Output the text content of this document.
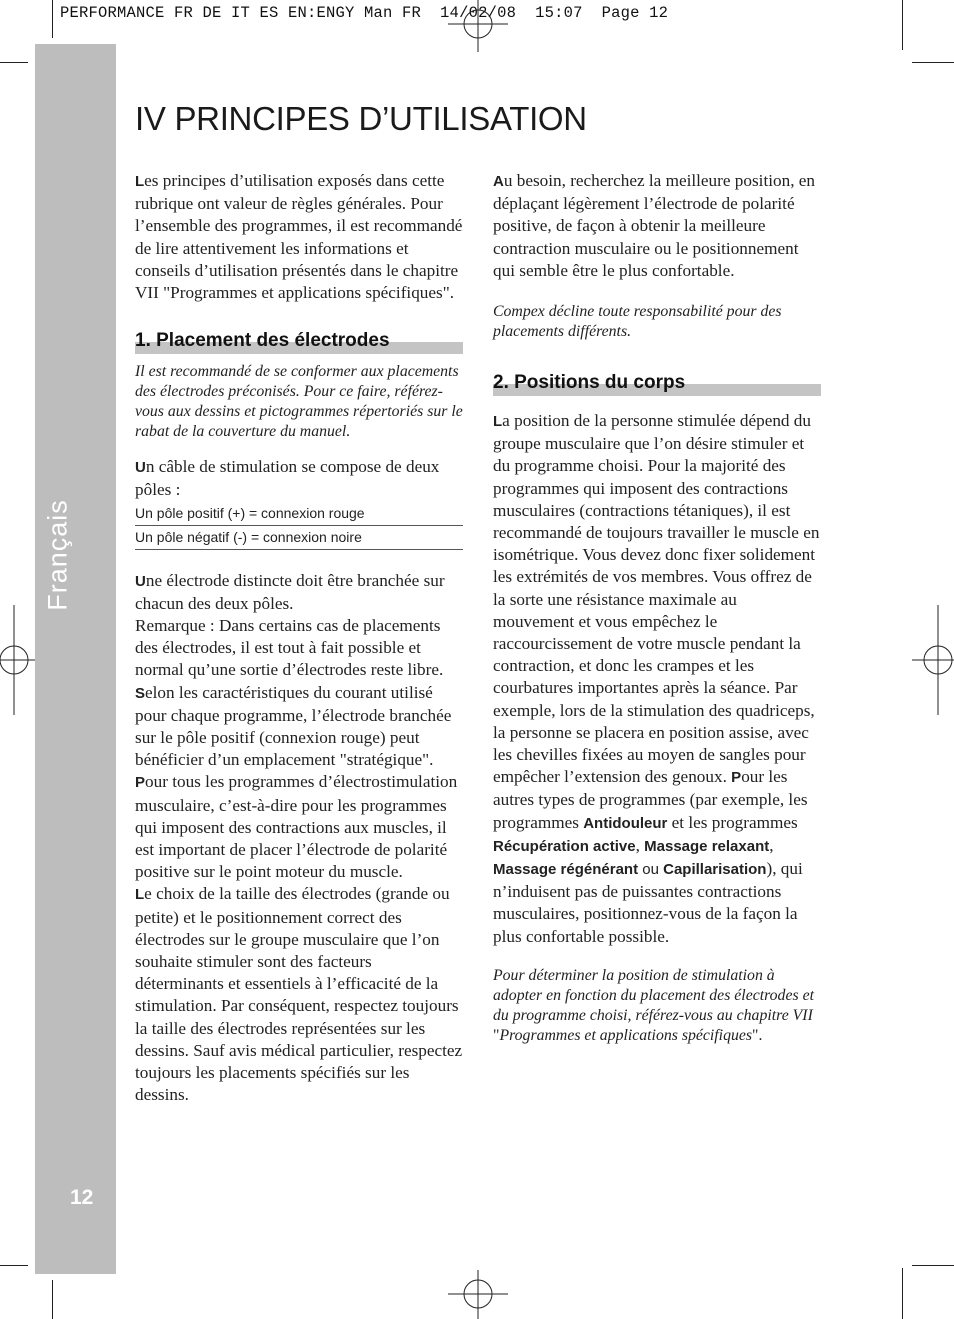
PERFORMANCE FR DE IT ES EN:ENGY Man FR  14/02/08  15:07  Page 12
Français
12
IV PRINCIPES D’UTILISATION

Les principes d’utilisation exposés dans cette rubrique ont valeur de règles générales. Pour l’ensemble des programmes, il est recommandé de lire attentivement les informations et conseils d’utilisation présentés dans le chapitre VII "Programmes et applications spécifiques".

1. Placement des électrodes

Il est recommandé de se conformer aux placements des électrodes préconisés. Pour ce faire, référez-vous aux dessins et pictogrammes répertoriés sur le rabat de la couverture du manuel.

Un câble de stimulation se compose de deux pôles :

Un pôle positif (+) = connexion rouge
Un pôle négatif (-) = connexion noire

Une électrode distincte doit être branchée sur chacun des deux pôles.

Remarque : Dans certains cas de placements des électrodes, il est tout à fait possible et normal qu’une sortie d’électrodes reste libre.

Selon les caractéristiques du courant utilisé pour chaque programme, l’électrode branchée sur le pôle positif (connexion rouge) peut bénéficier d’un emplacement "stratégique".

Pour tous les programmes d’électrostimulation musculaire, c’est-à-dire pour les programmes qui imposent des contractions aux muscles, il est important de placer l’électrode de polarité positive sur le point moteur du muscle.

Le choix de la taille des électrodes (grande ou petite) et le positionnement correct des électrodes sur le groupe musculaire que l’on souhaite stimuler sont des facteurs déterminants et essentiels à l’efficacité de la stimulation. Par conséquent, respectez toujours la taille des électrodes représentées sur les dessins. Sauf avis médical particulier, respectez toujours les placements spécifiés sur les dessins.

Au besoin, recherchez la meilleure position, en déplaçant légèrement l’électrode de polarité positive, de façon à obtenir la meilleure contraction musculaire ou le positionnement qui semble être le plus confortable.

Compex décline toute responsabilité pour des placements différents.

2. Positions du corps

La position de la personne stimulée dépend du groupe musculaire que l’on désire stimuler et du programme choisi. Pour la majorité des programmes qui imposent des contractions musculaires (contractions tétaniques), il est recommandé de toujours travailler le muscle en isométrique. Vous devez donc fixer solidement les extrémités de vos membres. Vous offrez de la sorte une résistance maximale au mouvement et vous empêchez le raccourcissement de votre muscle pendant la contraction, et donc les crampes et les courbatures importantes après la séance. Par exemple, lors de la stimulation des quadriceps, la personne se placera en position assise, avec les chevilles fixées au moyen de sangles pour empêcher l’extension des genoux. Pour les autres types de programmes (par exemple, les programmes Antidouleur et les programmes Récupération active, Massage relaxant, Massage régénérant ou Capillarisation), qui n’induisent pas de puissantes contractions musculaires, positionnez-vous de la façon la plus confortable possible.

Pour déterminer la position de stimulation à adopter en fonction du placement des électrodes et du programme choisi, référez-vous au chapitre VII "Programmes et applications spécifiques".
